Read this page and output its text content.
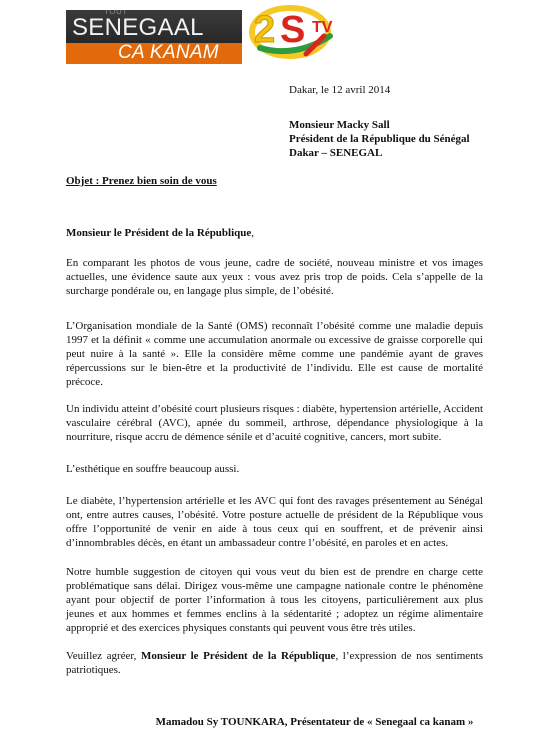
TOUT
SENEGAAL
CA KANAM
2 S TV
Dakar, le 12 avril 2014
Monsieur Macky Sall
Président de la République du Sénégal
Dakar – SENEGAL
Objet : Prenez bien soin de vous
Monsieur le Président de la République,
En comparant les photos de vous jeune, cadre de société, nouveau ministre et vos images actuelles, une évidence saute aux yeux : vous avez pris trop de poids. Cela s’appelle de la surcharge pondérale ou, en langage plus simple, de l’obésité.
L’Organisation mondiale de la Santé (OMS) reconnaît l’obésité comme une maladie depuis 1997 et la définit « comme une accumulation anormale ou excessive de graisse corporelle qui peut nuire à la santé ». Elle la considère même comme une pandémie ayant de graves répercussions sur le bien-être et la productivité de l’individu. Elle est cause de mortalité précoce.
Un individu atteint d’obésité court plusieurs risques : diabète, hypertension artérielle, Accident vasculaire cérébral (AVC), apnée du sommeil, arthrose, dépendance physiologique à la nourriture, risque accru de démence sénile et d’acuité cognitive, cancers, mort subite.
L’esthétique en souffre beaucoup aussi.
Le diabète, l’hypertension artérielle et les AVC qui font des ravages présentement au Sénégal ont, entre autres causes, l’obésité. Votre posture actuelle de président de la République vous offre l’opportunité de venir en aide à tous ceux qui en souffrent, et de prévenir ainsi d’innombrables décès, en étant un ambassadeur contre l’obésité, en paroles et en actes.
Notre humble suggestion de citoyen qui vous veut du bien est de prendre en charge cette problématique sans délai. Dirigez vous-même une campagne nationale contre le phénomène ayant pour objectif de porter l’information à tous les citoyens, particulièrement aux plus jeunes et aux hommes et femmes enclins à la sédentarité ; adoptez un régime alimentaire approprié et des exercices physiques constants qui peuvent vous être très utiles.
Veuillez agréer, Monsieur le Président de la République, l’expression de nos sentiments patriotiques.
Mamadou Sy TOUNKARA, Présentateur de « Senegaal ca kanam »
